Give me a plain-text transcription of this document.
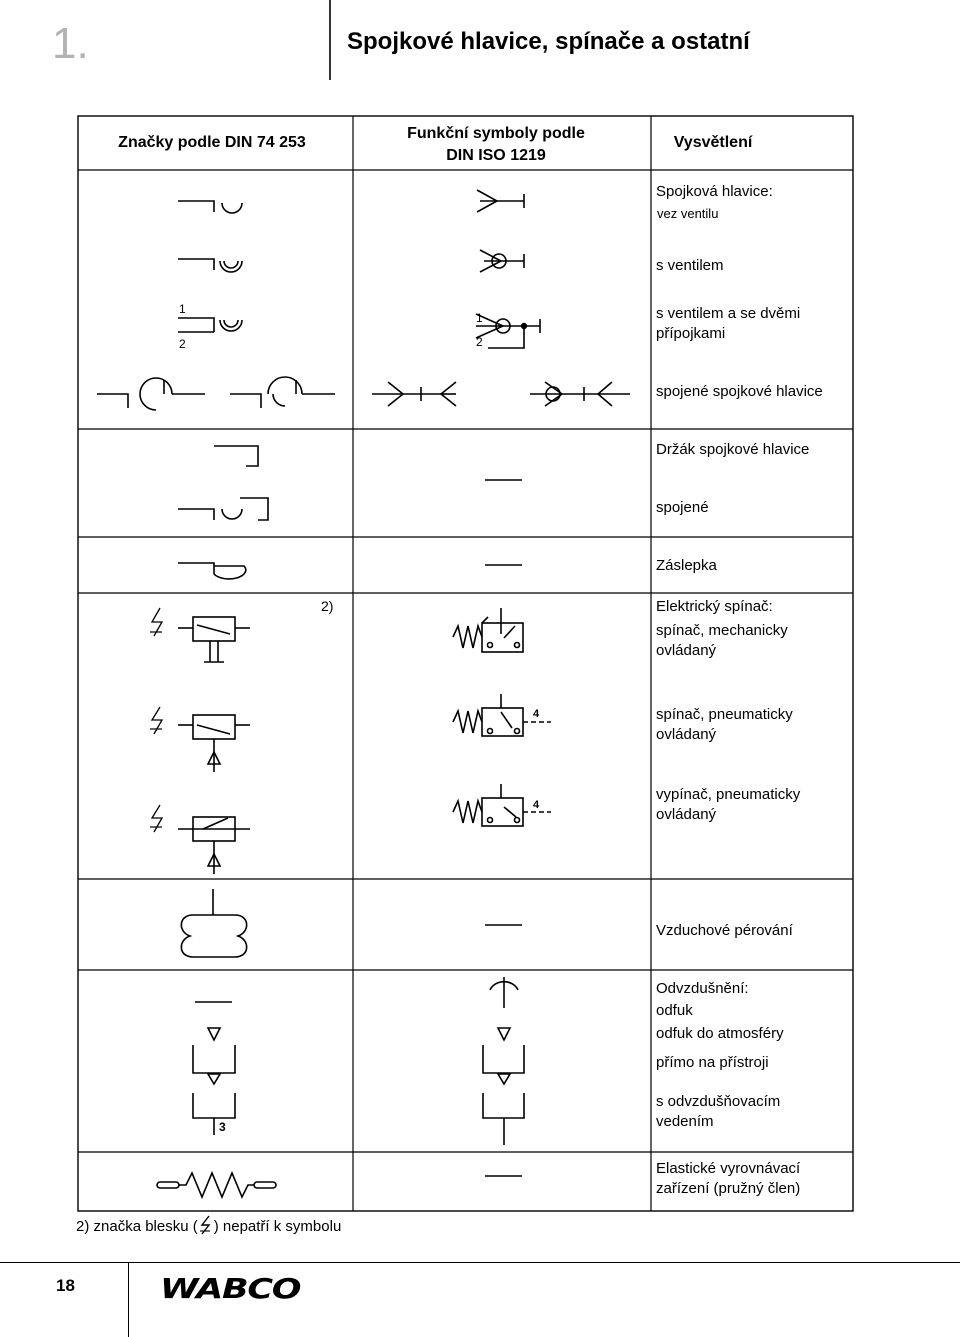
1.	Spojkové hlavice, spínače a ostatní
Značky podle DIN 74 253
Funkční symboly podle
DIN ISO 1219
Vysvětlení
Spojková hlavice:
vez ventilu
s ventilem
s ventilem a se dvěmi
přípojkami
spojené spojkové hlavice
Držák spojkové hlavice
spojené
Záslepka
Elektrický spínač:
spínač, mechanicky
ovládaný
spínač, pneumaticky
ovládaný
vypínač, pneumaticky
ovládaný
Vzduchové pérování
Odvzdušnění:
odfuk
odfuk do atmosféry
přímo na přístroji
s odvzdušňovacím
vedením
Elastické vyrovnávací
zařízení (pružný člen)
1
2
3
1
2
2)
4
4
2) značka blesku ( ) nepatří k symbolu
18	WABCO
